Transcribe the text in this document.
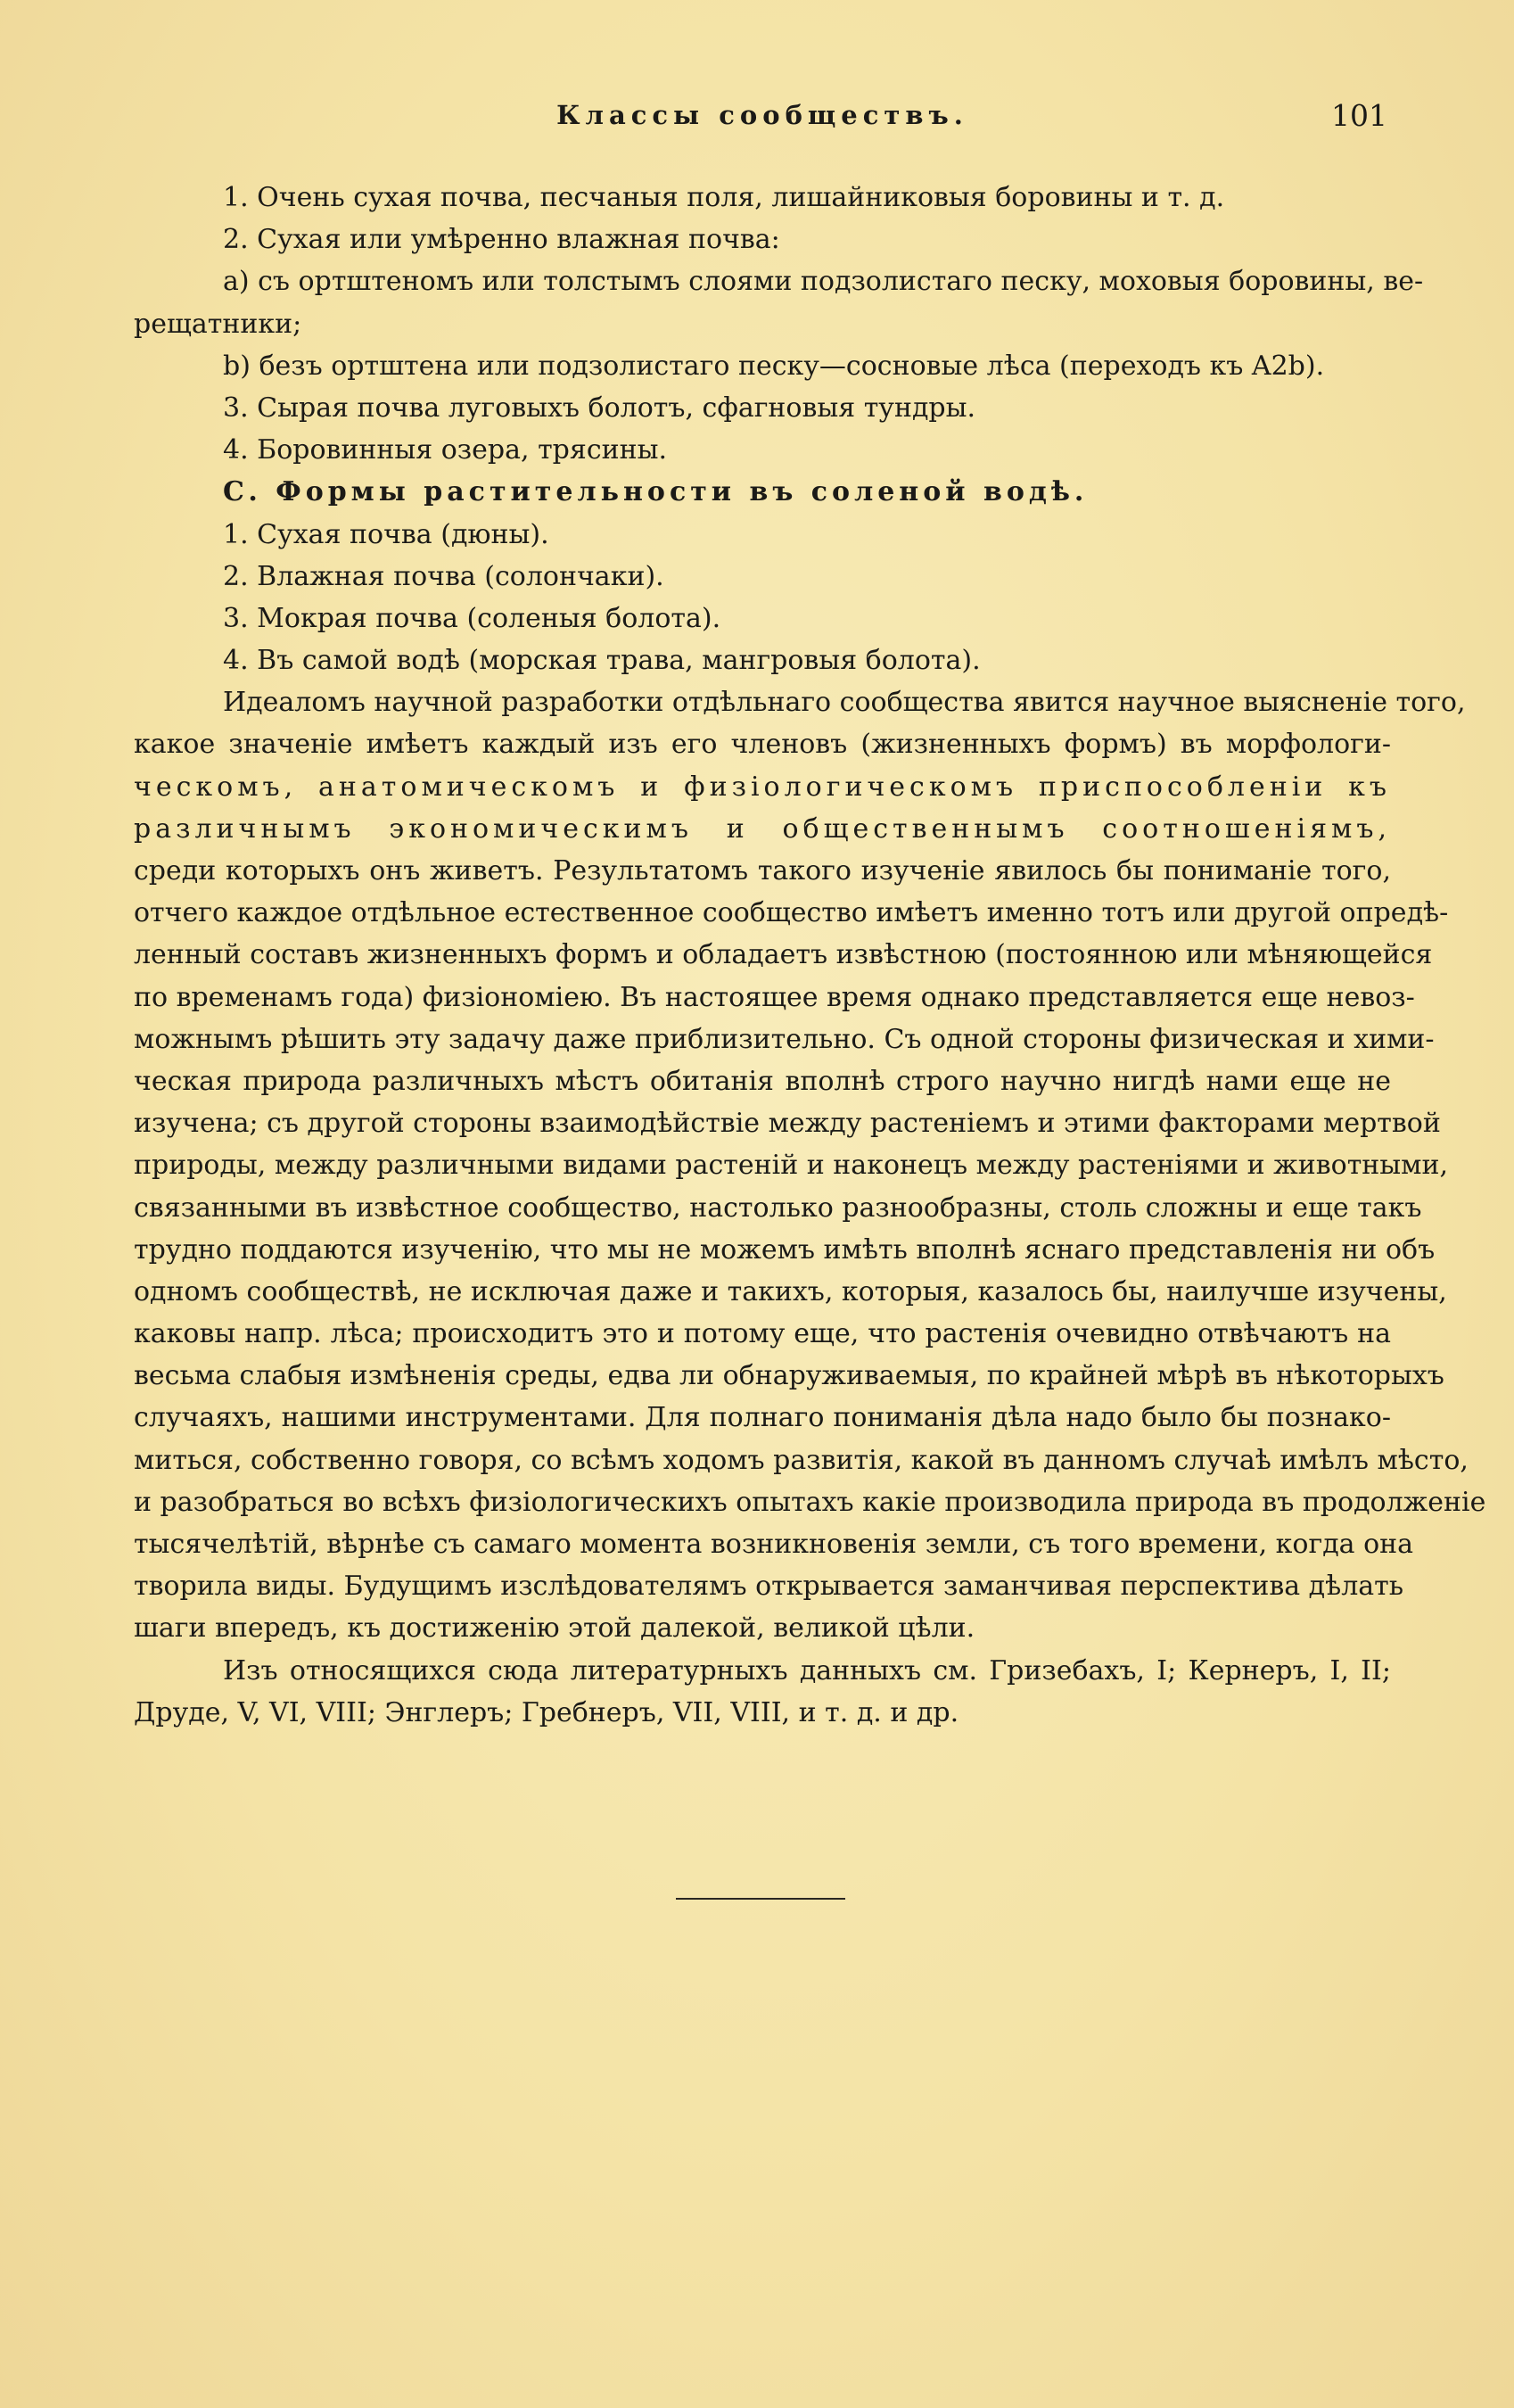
Классы сообществъ.	101
1. Очень сухая почва, песчаныя поля, лишайниковыя боровины и т. д.
2. Сухая или умѣренно влажная почва:
a) съ ортштеномъ или толстымъ слоями подзолистаго песку, моховыя боровины, ве-
рещатники;
b) безъ ортштена или подзолистаго песку—сосновые лѣса (переходъ къ A2b).
3. Сырая почва луговыхъ болотъ, сфагновыя тундры.
4. Боровинныя озера, трясины.
C. Формы растительности въ соленой водѣ.
1. Сухая почва (дюны).
2. Влажная почва (солончаки).
3. Мокрая почва (соленыя болота).
4. Въ самой водѣ (морская трава, мангровыя болота).
Идеаломъ научной разработки отдѣльнаго сообщества явится научное выясненіе того,
какое значеніе имѣетъ каждый изъ его членовъ (жизненныхъ формъ) въ морфологи-
ческомъ, анатомическомъ и физіологическомъ приспособленіи къ
различнымъ экономическимъ и общественнымъ соотношеніямъ,
среди которыхъ онъ живетъ. Результатомъ такого изученіе явилось бы пониманіе того,
отчего каждое отдѣльное естественное сообщество имѣетъ именно тотъ или другой опредѣ-
ленный составъ жизненныхъ формъ и обладаетъ извѣстною (постоянною или мѣняющейся
по временамъ года) физіономіею. Въ настоящее время однако представляется еще невоз-
можнымъ рѣшить эту задачу даже приблизительно. Съ одной стороны физическая и хими-
ческая природа различныхъ мѣстъ обитанія вполнѣ строго научно нигдѣ нами еще не
изучена; съ другой стороны взаимодѣйствіе между растеніемъ и этими факторами мертвой
природы, между различными видами растеній и наконецъ между растеніями и животными,
связанными въ извѣстное сообщество, настолько разнообразны, столь сложны и еще такъ
трудно поддаются изученію, что мы не можемъ имѣть вполнѣ яснаго представленія ни объ
одномъ сообществѣ, не исключая даже и такихъ, которыя, казалось бы, наилучше изучены,
каковы напр. лѣса; происходитъ это и потому еще, что растенія очевидно отвѣчаютъ на
весьма слабыя измѣненія среды, едва ли обнаруживаемыя, по крайней мѣрѣ въ нѣкоторыхъ
случаяхъ, нашими инструментами. Для полнаго пониманія дѣла надо было бы познако-
миться, собственно говоря, со всѣмъ ходомъ развитія, какой въ данномъ случаѣ имѣлъ мѣсто,
и разобраться во всѣхъ физіологическихъ опытахъ какіе производила природа въ продолженіе
тысячелѣтій, вѣрнѣе съ самаго момента возникновенія земли, съ того времени, когда она
творила виды. Будущимъ изслѣдователямъ открывается заманчивая перспектива дѣлать
шаги впередъ, къ достиженію этой далекой, великой цѣли.
Изъ относящихся сюда литературныхъ данныхъ см. Гризебахъ, I; Кернеръ, I, II;
Друде, V, VI, VIII; Энглеръ; Гребнеръ, VII, VIII, и т. д. и др.
